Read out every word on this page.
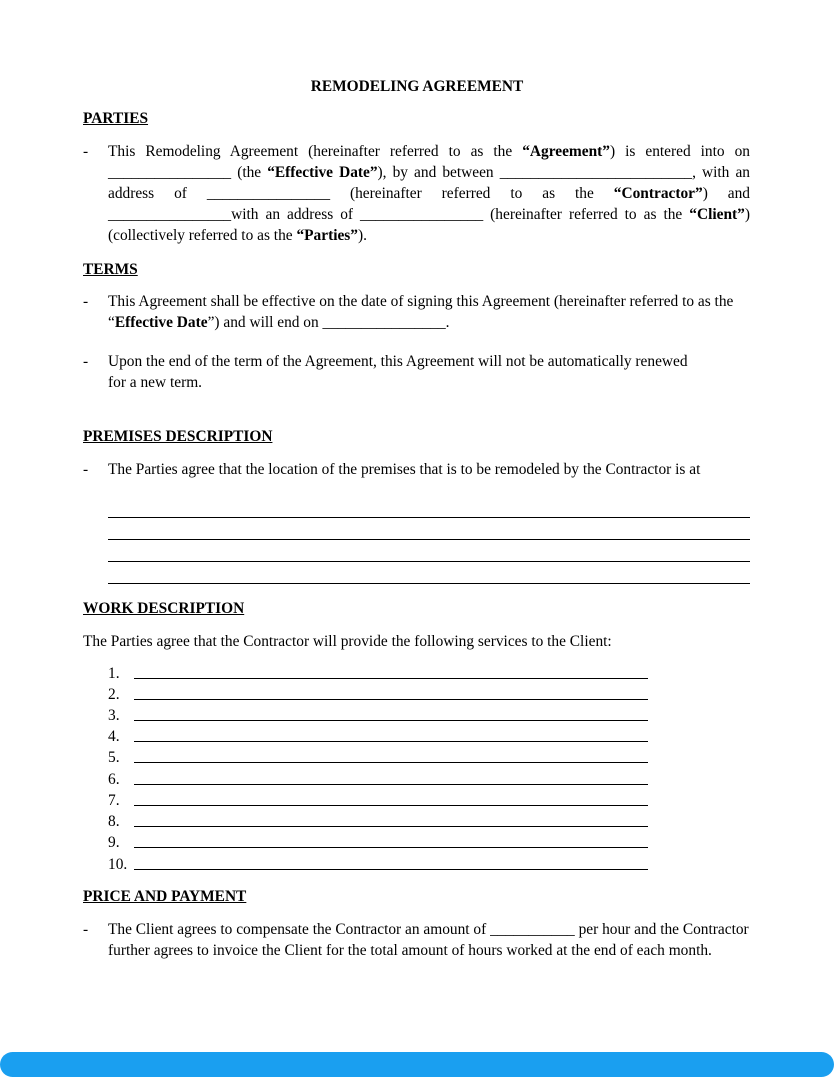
REMODELING AGREEMENT
PARTIES
- This Remodeling Agreement (hereinafter referred to as the “Agreement”) is entered into on ________________ (the “Effective Date”), by and between _________________________, with an address of ________________ (hereinafter referred to as the “Contractor”) and ________________with an address of ________________ (hereinafter referred to as the “Client”) (collectively referred to as the “Parties”).
TERMS
- This Agreement shall be effective on the date of signing this Agreement (hereinafter referred to as the “Effective Date”) and will end on ________________.
- Upon the end of the term of the Agreement, this Agreement will not be automatically renewed for a new term.
PREMISES DESCRIPTION
- The Parties agree that the location of the premises that is to be remodeled by the Contractor is at
WORK DESCRIPTION
The Parties agree that the Contractor will provide the following services to the Client:
1.
2.
3.
4.
5.
6.
7.
8.
9.
10.
PRICE AND PAYMENT
- The Client agrees to compensate the Contractor an amount of ___________ per hour and the Contractor further agrees to invoice the Client for the total amount of hours worked at the end of each month.
